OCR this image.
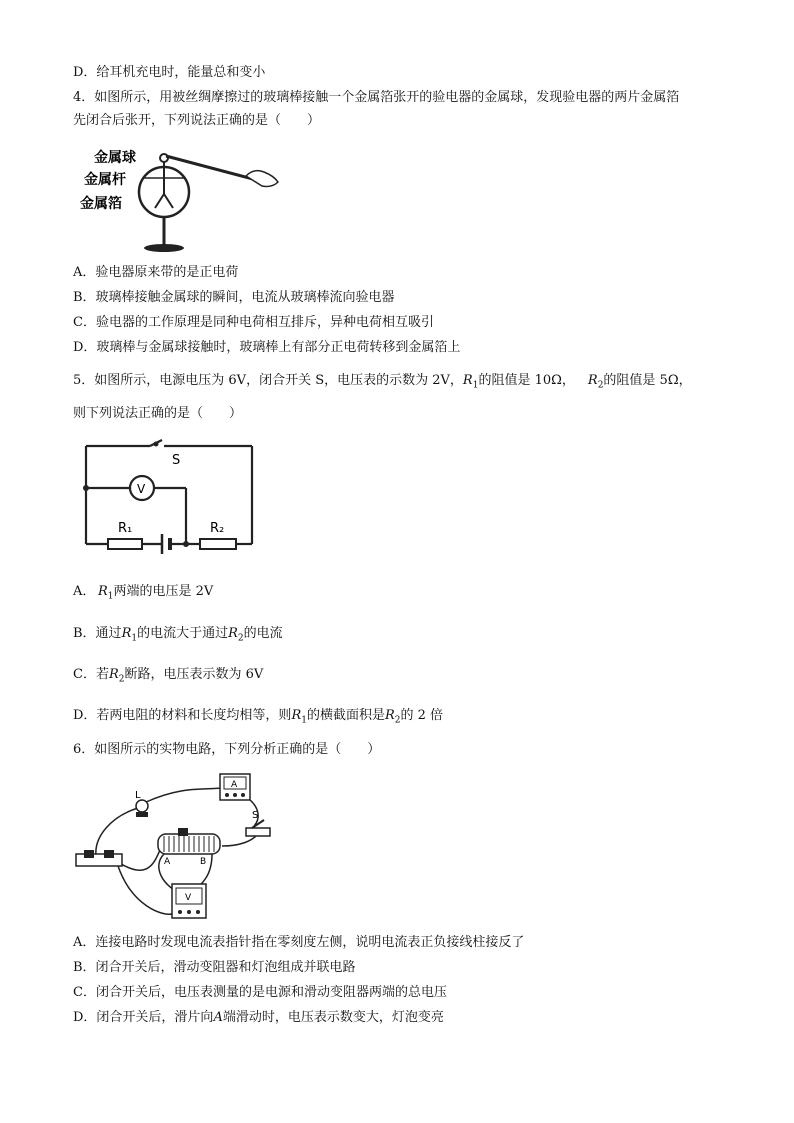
D．给耳机充电时，能量总和变小
4．如图所示，用被丝绸摩擦过的玻璃棒接触一个金属箔张开的验电器的金属球，发现验电器的两片金属箔
先闭合后张开，下列说法正确的是（　　）
金属球
金属杆
金属箔
A．验电器原来带的是正电荷
B．玻璃棒接触金属球的瞬间，电流从玻璃棒流向验电器
C．验电器的工作原理是同种电荷相互排斥，异种电荷相互吸引
D．玻璃棒与金属球接触时，玻璃棒上有部分正电荷转移到金属箔上
5．如图所示，电源电压为 6V，闭合开关 S，电压表的示数为 2V，$R_1$的阻值是 10Ω，  $R_2$的阻值是 5Ω，
则下列说法正确的是（　　）
S
V
R₁	R₂
A．  $R_1$两端的电压是 2V
B．通过$R_1$的电流大于通过$R_2$的电流
C．若$R_2$断路，电压表示数为 6V
D．若两电阻的材料和长度均相等，则$R_1$的横截面积是$R_2$的 2 倍
6．如图所示的实物电路，下列分析正确的是（　　）
L
A
S
A	B
V
A．连接电路时发现电流表指针指在零刻度左侧，说明电流表正负接线柱接反了
B．闭合开关后，滑动变阻器和灯泡组成并联电路
C．闭合开关后，电压表测量的是电源和滑动变阻器两端的总电压
D．闭合开关后，滑片向A端滑动时，电压表示数变大，灯泡变亮
